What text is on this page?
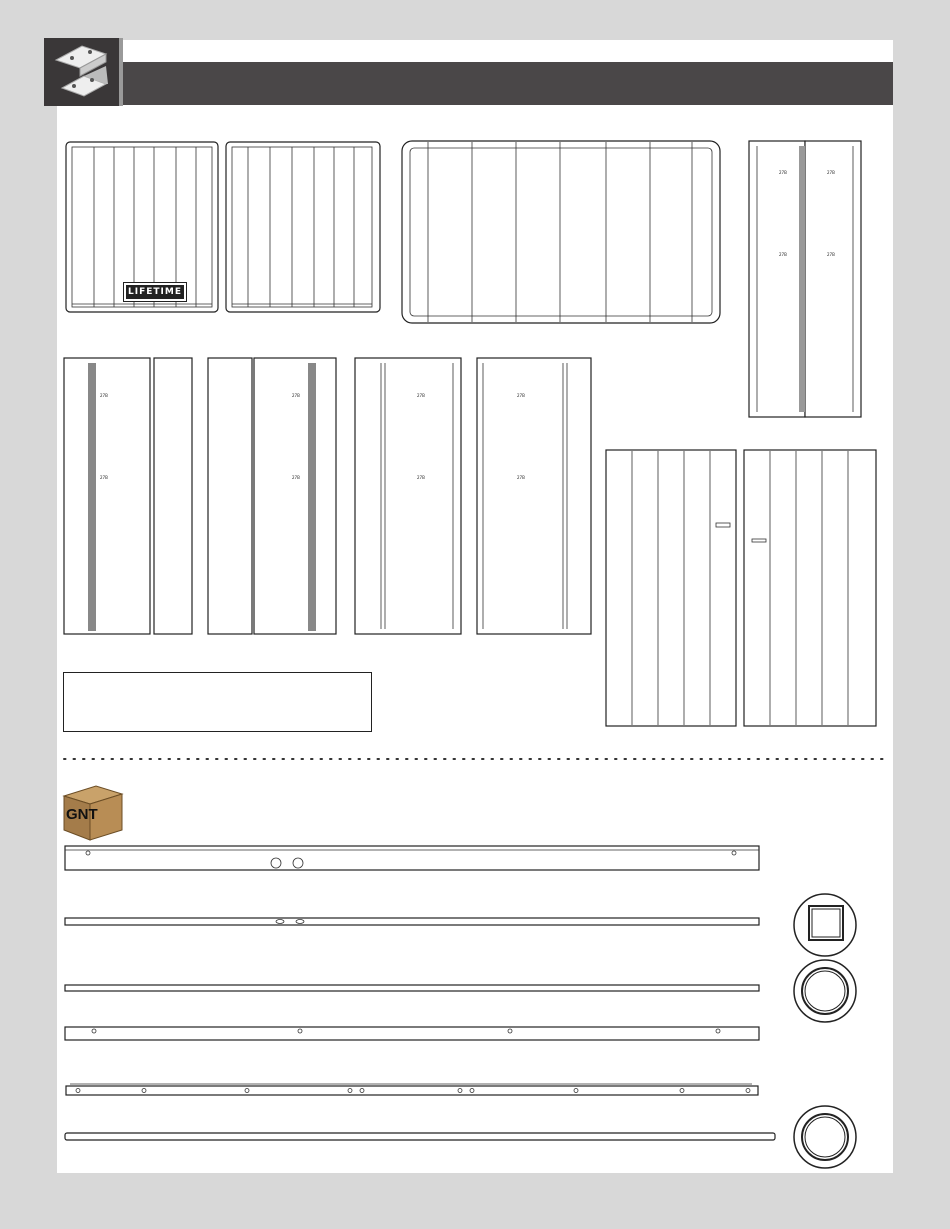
LIFETIME
27B	27B
27B	27B
27B
27B
27B
27B
27B
27B
27B
27B
GNT
